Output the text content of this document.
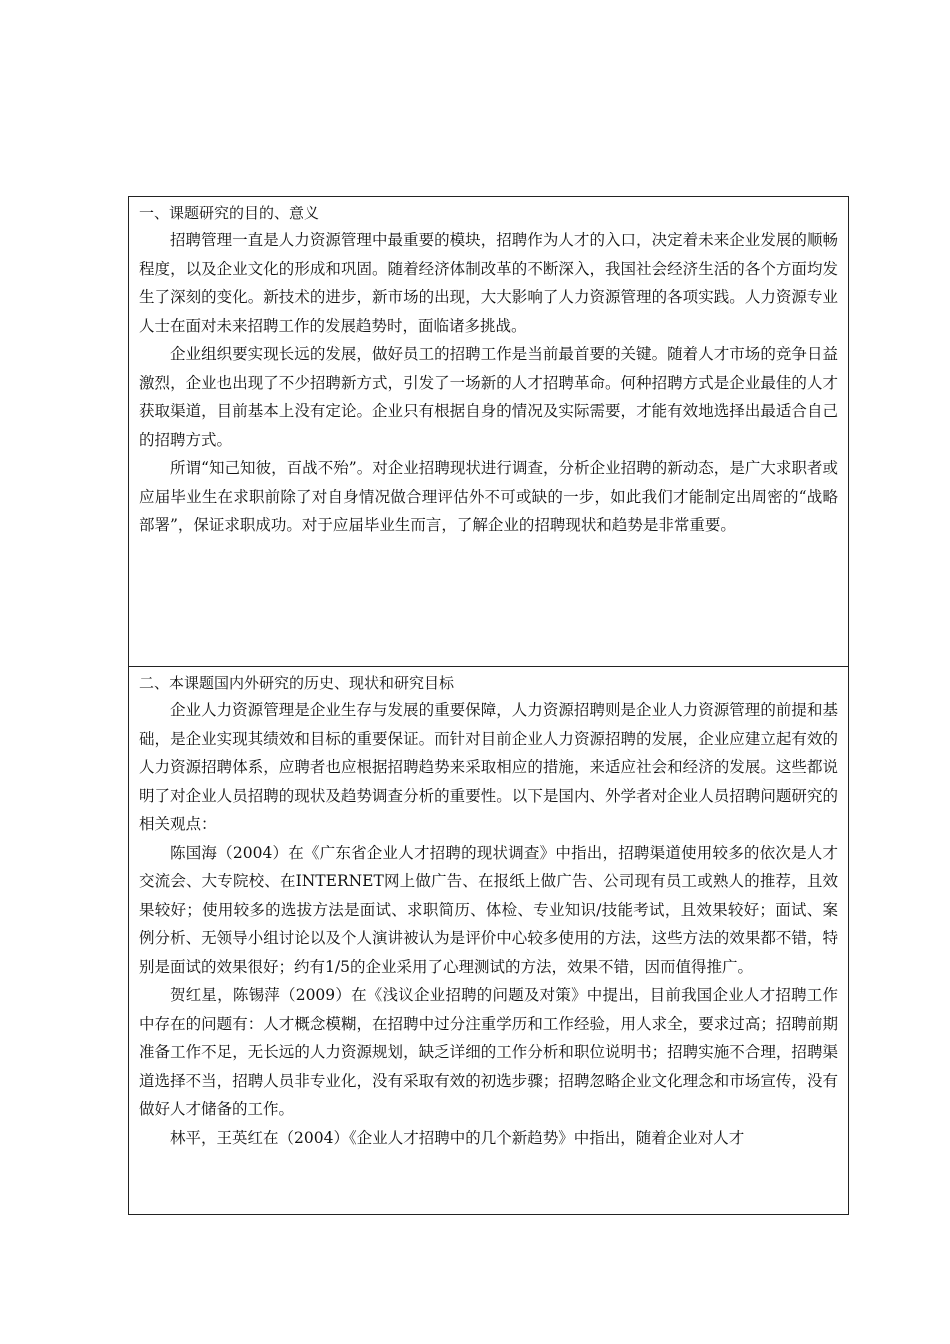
一、课题研究的目的、意义

招聘管理一直是人力资源管理中最重要的模块，招聘作为人才的入口，决定着未来企业发展的顺畅程度，以及企业文化的形成和巩固。随着经济体制改革的不断深入，我国社会经济生活的各个方面均发生了深刻的变化。新技术的进步，新市场的出现，大大影响了人力资源管理的各项实践。人力资源专业人士在面对未来招聘工作的发展趋势时，面临诸多挑战。

企业组织要实现长远的发展，做好员工的招聘工作是当前最首要的关键。随着人才市场的竞争日益激烈，企业也出现了不少招聘新方式，引发了一场新的人才招聘革命。何种招聘方式是企业最佳的人才获取渠道，目前基本上没有定论。企业只有根据自身的情况及实际需要，才能有效地选择出最适合自己的招聘方式。

所谓“知己知彼，百战不殆”。对企业招聘现状进行调查，分析企业招聘的新动态，是广大求职者或应届毕业生在求职前除了对自身情况做合理评估外不可或缺的一步，如此我们才能制定出周密的“战略部署”，保证求职成功。对于应届毕业生而言，了解企业的招聘现状和趋势是非常重要。

二、本课题国内外研究的历史、现状和研究目标

企业人力资源管理是企业生存与发展的重要保障，人力资源招聘则是企业人力资源管理的前提和基础，是企业实现其绩效和目标的重要保证。而针对目前企业人力资源招聘的发展，企业应建立起有效的人力资源招聘体系，应聘者也应根据招聘趋势来采取相应的措施，来适应社会和经济的发展。这些都说明了对企业人员招聘的现状及趋势调查分析的重要性。以下是国内、外学者对企业人员招聘问题研究的相关观点：

陈国海（2004）在《广东省企业人才招聘的现状调查》中指出，招聘渠道使用较多的依次是人才交流会、大专院校、在INTERNET网上做广告、在报纸上做广告、公司现有员工或熟人的推荐，且效果较好；使用较多的选拔方法是面试、求职简历、体检、专业知识/技能考试，且效果较好；面试、案例分析、无领导小组讨论以及个人演讲被认为是评价中心较多使用的方法，这些方法的效果都不错，特别是面试的效果很好；约有1/5的企业采用了心理测试的方法，效果不错，因而值得推广。

贺红星，陈锡萍（2009）在《浅议企业招聘的问题及对策》中提出，目前我国企业人才招聘工作中存在的问题有：人才概念模糊，在招聘中过分注重学历和工作经验，用人求全，要求过高；招聘前期准备工作不足，无长远的人力资源规划，缺乏详细的工作分析和职位说明书；招聘实施不合理，招聘渠道选择不当，招聘人员非专业化，没有采取有效的初选步骤；招聘忽略企业文化理念和市场宣传，没有做好人才储备的工作。

林平，王英红在（2004）《企业人才招聘中的几个新趋势》中指出，随着企业对人才
